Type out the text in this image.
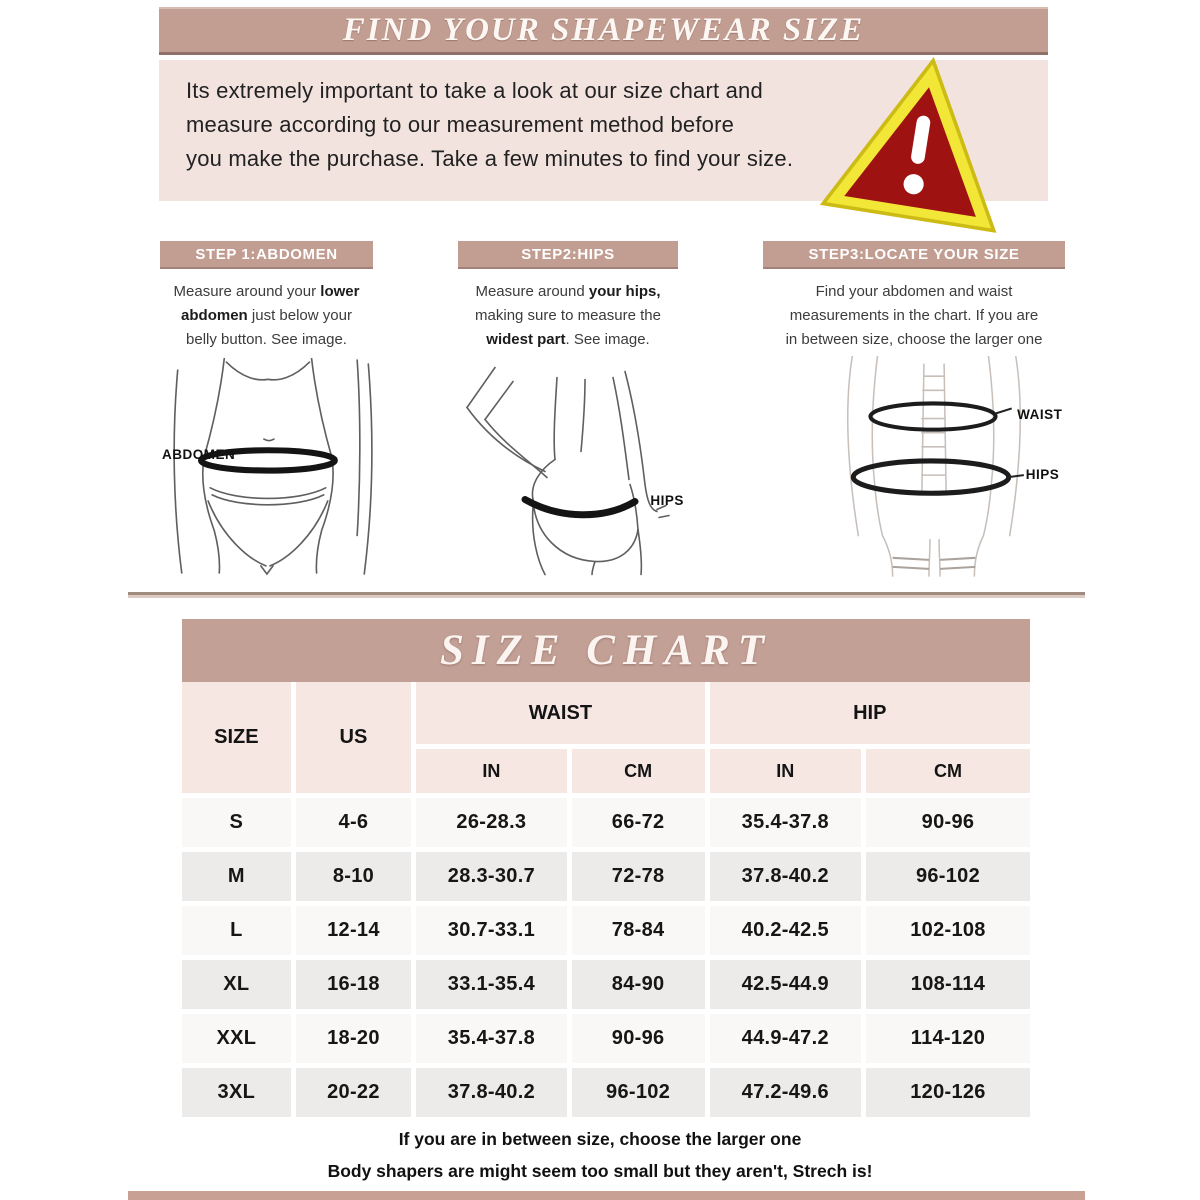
FIND YOUR SHAPEWEAR SIZE
Its extremely important to take a look at our size chart and
measure according to our measurement method before
you make the purchase. Take a few minutes to find your size.
STEP 1:ABDOMEN
Measure around your lower
abdomen just below your
belly button. See image.
STEP2:HIPS
Measure around your hips,
making sure to measure the
widest part. See image.
STEP3:LOCATE YOUR SIZE
Find your abdomen and waist
measurements in the chart. If you are
in between size, choose the larger one
ABDOMEN
HIPS
WAIST
HIPS
SIZE CHART
SIZE	US
WAIST	HIP
IN	CM	IN	CM
S	4-6	26-28.3	66-72	35.4-37.8	90-96
M	8-10	28.3-30.7	72-78	37.8-40.2	96-102
L	12-14	30.7-33.1	78-84	40.2-42.5	102-108
XL	16-18	33.1-35.4	84-90	42.5-44.9	108-114
XXL	18-20	35.4-37.8	90-96	44.9-47.2	114-120
3XL	20-22	37.8-40.2	96-102	47.2-49.6	120-126
If you are in between size, choose the larger one
Body shapers are might seem too small but they aren't, Strech is!
